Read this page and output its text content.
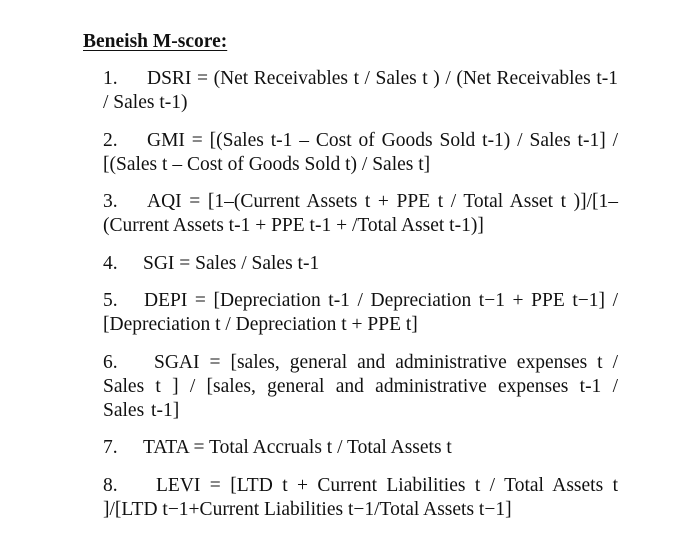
Beneish M-score:
1. DSRI = (Net Receivables t / Sales t ) / (Net Receivables t-1 / Sales t-1)
2. GMI = [(Sales t-1 – Cost of Goods Sold t-1) / Sales t-1] / [(Sales t – Cost of Goods Sold t) / Sales t]
3. AQI = [1–(Current Assets t + PPE t / Total Asset t )]/[1–(Current Assets t-1 + PPE t-1 + /Total Asset t-1)]
4. SGI = Sales / Sales t-1
5. DEPI = [Depreciation t-1 / Depreciation t−1 + PPE t−1] / [Depreciation t / Depreciation t + PPE t]
6. SGAI = [sales, general and administrative expenses t / Sales t ] / [sales, general and administrative expenses t-1 / Sales t-1]
7. TATA = Total Accruals t / Total Assets t
8. LEVI = [LTD t + Current Liabilities t / Total Assets t ]/[LTD t−1+Current Liabilities t−1/Total Assets t−1]
